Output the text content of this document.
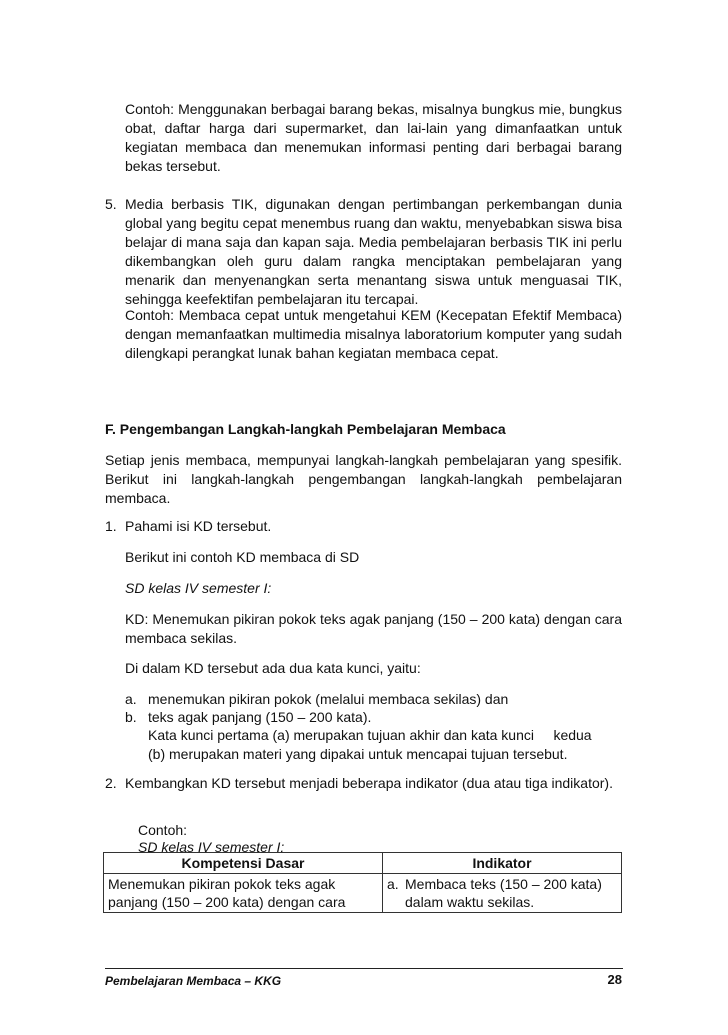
Contoh: Menggunakan berbagai barang bekas, misalnya bungkus mie, bungkus obat, daftar harga dari supermarket, dan lai-lain yang dimanfaatkan untuk kegiatan membaca dan menemukan informasi penting dari berbagai barang bekas tersebut.

5. Media berbasis TIK, digunakan dengan pertimbangan perkembangan dunia global yang begitu cepat menembus ruang dan waktu, menyebabkan siswa bisa belajar di mana saja dan kapan saja. Media pembelajaran berbasis TIK ini perlu dikembangkan oleh guru dalam rangka menciptakan pembelajaran yang menarik dan menyenangkan serta menantang siswa untuk menguasai TIK, sehingga keefektifan pembelajaran itu tercapai.

Contoh: Membaca cepat untuk mengetahui KEM (Kecepatan Efektif Membaca) dengan memanfaatkan multimedia misalnya laboratorium komputer yang sudah dilengkapi perangkat lunak bahan kegiatan membaca cepat.

F. Pengembangan Langkah-langkah Pembelajaran Membaca

Setiap jenis membaca, mempunyai langkah-langkah pembelajaran yang spesifik. Berikut ini langkah-langkah pengembangan langkah-langkah pembelajaran membaca.

1. Pahami isi KD tersebut.

Berikut ini contoh KD membaca di SD

SD kelas IV semester I:

KD: Menemukan pikiran pokok teks agak panjang (150 – 200 kata) dengan cara membaca sekilas.

Di dalam KD tersebut ada dua kata kunci, yaitu:

a. menemukan pikiran pokok (melalui membaca sekilas) dan
b. teks agak panjang (150 – 200 kata).
Kata kunci pertama (a) merupakan tujuan akhir dan kata kunci     kedua
(b) merupakan materi yang dipakai untuk mencapai tujuan tersebut.
2. Kembangkan KD tersebut menjadi beberapa indikator (dua atau tiga indikator).

Contoh:
SD kelas IV semester I:
Kompetensi Dasar	Indikator
Menemukan pikiran pokok teks agak panjang (150 – 200 kata) dengan cara	a. Membaca teks (150 – 200 kata) dalam waktu sekilas.
Pembelajaran Membaca – KKG	28
